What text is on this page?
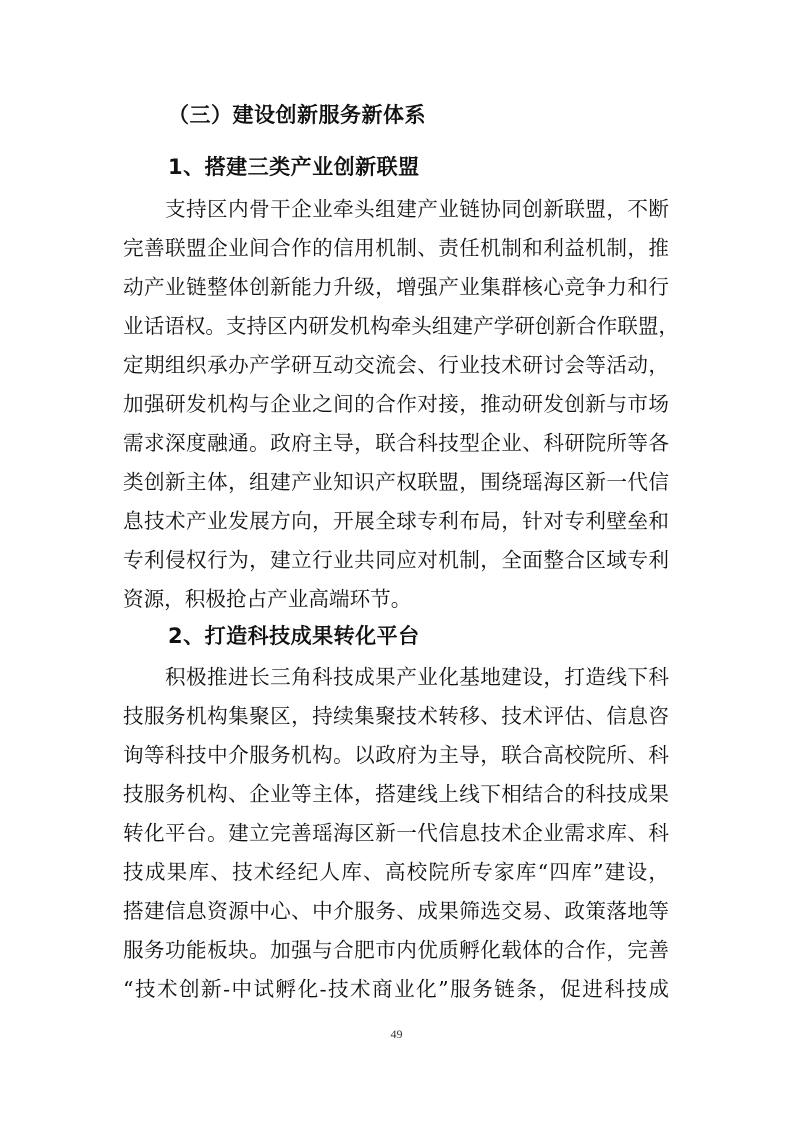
（三）建设创新服务新体系
1、搭建三类产业创新联盟

支持区内骨干企业牵头组建产业链协同创新联盟，不断

完善联盟企业间合作的信用机制、责任机制和利益机制，推

动产业链整体创新能力升级，增强产业集群核心竞争力和行

业话语权。支持区内研发机构牵头组建产学研创新合作联盟，

定期组织承办产学研互动交流会、行业技术研讨会等活动，

加强研发机构与企业之间的合作对接，推动研发创新与市场

需求深度融通。政府主导，联合科技型企业、科研院所等各

类创新主体，组建产业知识产权联盟，围绕瑶海区新一代信

息技术产业发展方向，开展全球专利布局，针对专利壁垒和

专利侵权行为，建立行业共同应对机制，全面整合区域专利

资源，积极抢占产业高端环节。

2、打造科技成果转化平台

积极推进长三角科技成果产业化基地建设，打造线下科

技服务机构集聚区，持续集聚技术转移、技术评估、信息咨

询等科技中介服务机构。以政府为主导，联合高校院所、科

技服务机构、企业等主体，搭建线上线下相结合的科技成果

转化平台。建立完善瑶海区新一代信息技术企业需求库、科

技成果库、技术经纪人库、高校院所专家库“四库”建设，

搭建信息资源中心、中介服务、成果筛选交易、政策落地等

服务功能板块。加强与合肥市内优质孵化载体的合作，完善

“技术创新-中试孵化-技术商业化”服务链条，促进科技成

49
